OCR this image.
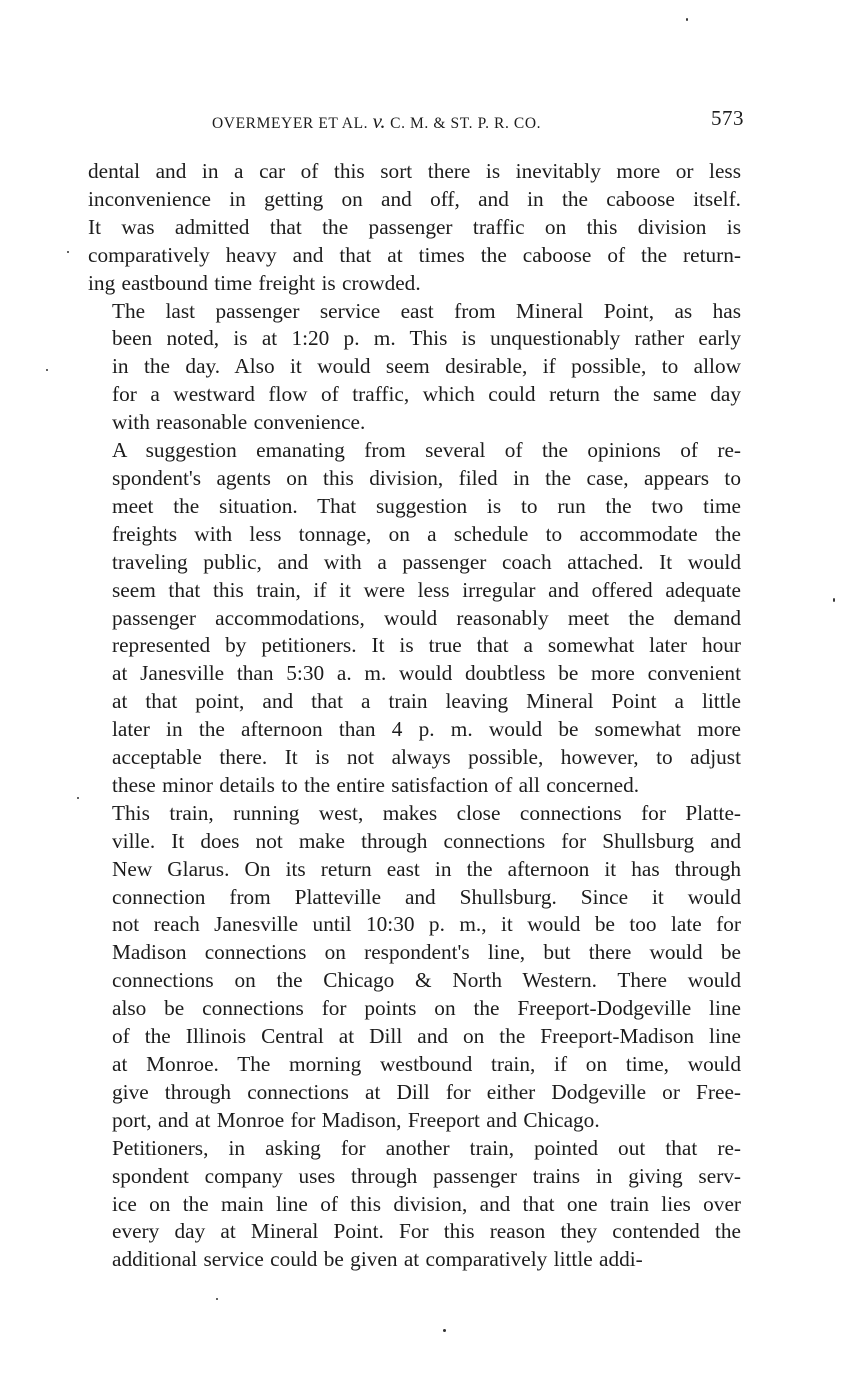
OVERMEYER ET AL. v. C. M. & ST. P. R. CO.	573

dental and in a car of this sort there is inevitably more or less
inconvenience in getting on and off, and in the caboose itself.
It was admitted that the passenger traffic on this division is
comparatively heavy and that at times the caboose of the return-
ing eastbound time freight is crowded.

The last passenger service east from Mineral Point, as has
been noted, is at 1:20 p. m. This is unquestionably rather early
in the day. Also it would seem desirable, if possible, to allow
for a westward flow of traffic, which could return the same day
with reasonable convenience.

A suggestion emanating from several of the opinions of re-
spondent's agents on this division, filed in the case, appears to
meet the situation. That suggestion is to run the two time
freights with less tonnage, on a schedule to accommodate the
traveling public, and with a passenger coach attached. It would
seem that this train, if it were less irregular and offered adequate
passenger accommodations, would reasonably meet the demand
represented by petitioners. It is true that a somewhat later hour
at Janesville than 5:30 a. m. would doubtless be more convenient
at that point, and that a train leaving Mineral Point a little
later in the afternoon than 4 p. m. would be somewhat more
acceptable there. It is not always possible, however, to adjust
these minor details to the entire satisfaction of all concerned.

This train, running west, makes close connections for Platte-
ville. It does not make through connections for Shullsburg and
New Glarus. On its return east in the afternoon it has through
connection from Platteville and Shullsburg. Since it would
not reach Janesville until 10:30 p. m., it would be too late for
Madison connections on respondent's line, but there would be
connections on the Chicago & North Western. There would
also be connections for points on the Freeport-Dodgeville line
of the Illinois Central at Dill and on the Freeport-Madison line
at Monroe. The morning westbound train, if on time, would
give through connections at Dill for either Dodgeville or Free-
port, and at Monroe for Madison, Freeport and Chicago.

Petitioners, in asking for another train, pointed out that re-
spondent company uses through passenger trains in giving serv-
ice on the main line of this division, and that one train lies over
every day at Mineral Point. For this reason they contended the
additional service could be given at comparatively little addi-
